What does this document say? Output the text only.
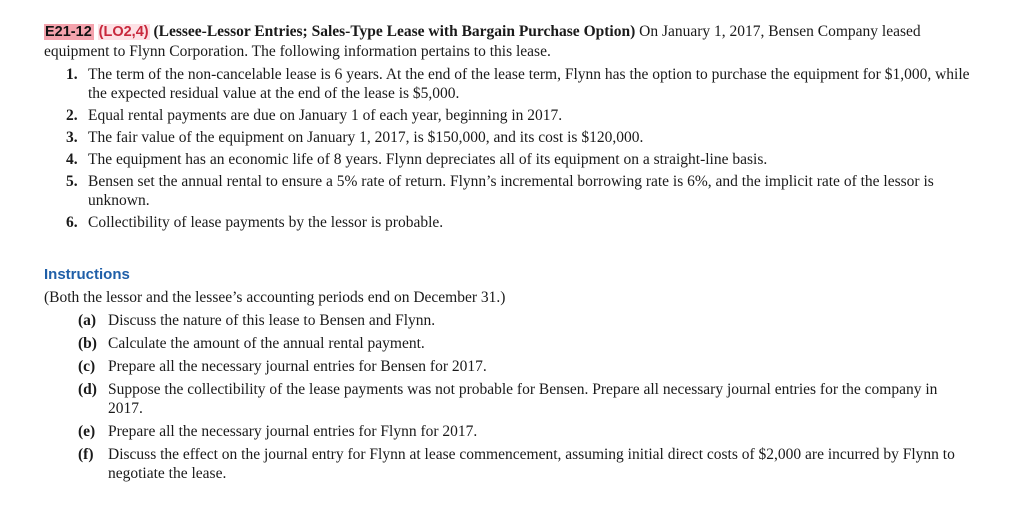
E21-12 (LO2,4) (Lessee-Lessor Entries; Sales-Type Lease with Bargain Purchase Option) On January 1, 2017, Bensen Company leased equipment to Flynn Corporation. The following information pertains to this lease.

1. The term of the non-cancelable lease is 6 years. At the end of the lease term, Flynn has the option to purchase the equipment for $1,000, while the expected residual value at the end of the lease is $5,000.
2. Equal rental payments are due on January 1 of each year, beginning in 2017.
3. The fair value of the equipment on January 1, 2017, is $150,000, and its cost is $120,000.
4. The equipment has an economic life of 8 years. Flynn depreciates all of its equipment on a straight-line basis.
5. Bensen set the annual rental to ensure a 5% rate of return. Flynn’s incremental borrowing rate is 6%, and the implicit rate of the lessor is unknown.
6. Collectibility of lease payments by the lessor is probable.
Instructions

(Both the lessor and the lessee’s accounting periods end on December 31.)

(a) Discuss the nature of this lease to Bensen and Flynn.
(b) Calculate the amount of the annual rental payment.
(c) Prepare all the necessary journal entries for Bensen for 2017.
(d) Suppose the collectibility of the lease payments was not probable for Bensen. Prepare all necessary journal entries for the company in 2017.
(e) Prepare all the necessary journal entries for Flynn for 2017.
(f) Discuss the effect on the journal entry for Flynn at lease commencement, assuming initial direct costs of $2,000 are incurred by Flynn to negotiate the lease.
